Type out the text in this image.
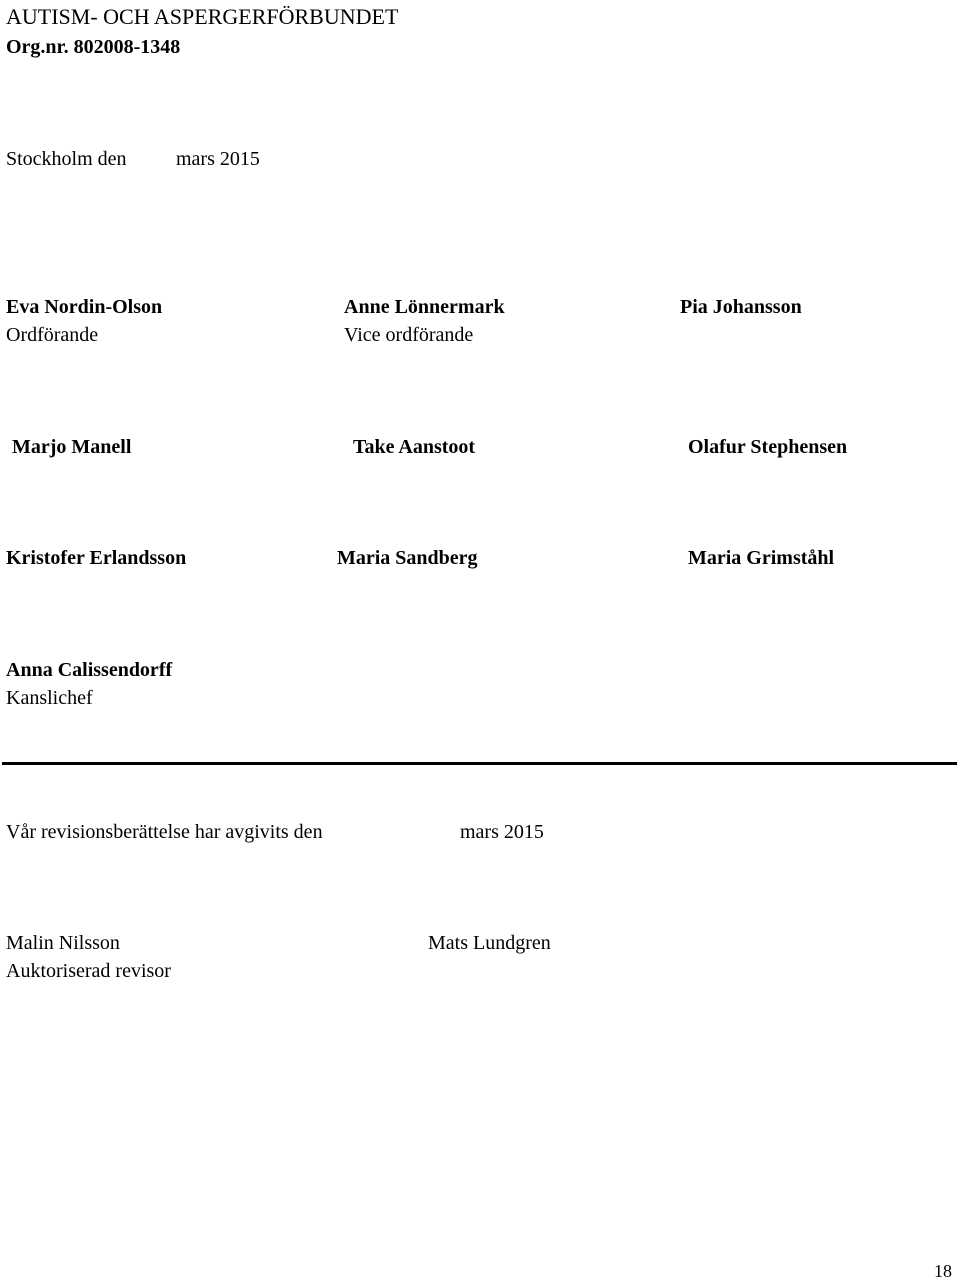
AUTISM- OCH ASPERGERFÖRBUNDET
Org.nr. 802008-1348
Stockholm den mars 2015
Eva Nordin-Olson
Ordförande
Anne Lönnermark
Vice ordförande
Pia Johansson
Marjo Manell	Take Aanstoot	Olafur Stephensen
Kristofer Erlandsson	Maria Sandberg	Maria Grimståhl
Anna Calissendorff
Kanslichef
Vår revisionsberättelse har avgivits den	mars 2015
Malin Nilsson
Auktoriserad revisor
Mats Lundgren
18
